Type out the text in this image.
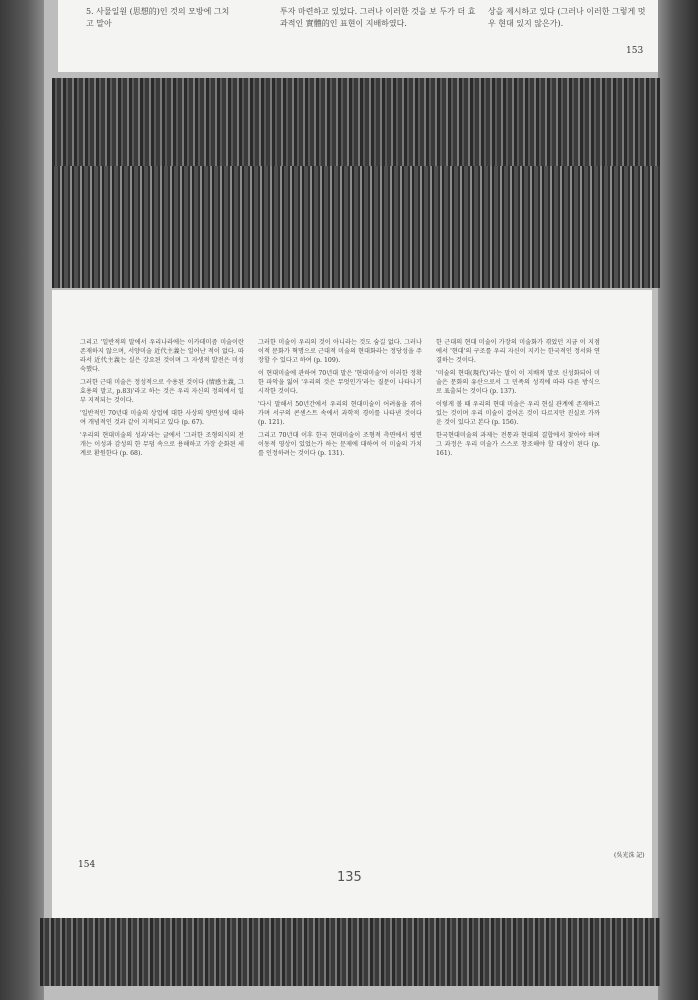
5. 사물일원 (思想的)인 것의 모방에 그치고 말아
투자 마련하고 있었다. 그러나 이러한 것을 보 두가 더 효과적인 實體的인 표현이 지배하였다.
상을 제시하고 있다 (그러나 이러한 그렇게 멋 우 현대 있지 않은가).
153

그리고 '일반적의 말에서 우리나라에는 이카데미즘 미술이란 존재하지 않으며, 서양미술 近代主義는 일어난 적이 없다. 따라서 近代主義는 실은 강요된 것이며 그 자생적 발전은 미성숙했다.

그러한 근대 미술은 정성적으로 수용된 것이다 (情感主義, 그 효용의 말고, p.83)'라고 하는 것은 우리 자신의 정의에서 일부 지적되는 것이다.

'일반적인 70년대 미술의 상업에 대한 사상의 양면성에 대하여 개념적인 것과 같이 지적되고 있다 (p. 67).

'우리의 현대미술의 성과'라는 글에서 '그러한 조형의식의 전개는 이성과 감성의 한 무덤 속으로 용해하고 가장 순화된 세계로 환원한다 (p. 68).

그러한 미술이 우리의 것이 아니라는 것도 숨길 없다. 그러나 이적 문화가 혁명으로 근대적 미술의 현대화라는 정당성을 주장할 수 있다고 하여 (p. 109).

이 현대미술에 관하여 70년대 말은 '현대미술'이 이러한 정확한 파악을 잃어 '우리의 것은 무엇인가'라는 질문이 나타나기 시작한 것이다.

'다시 말해서 50년간에서 우리의 현대미술이 어려움을 겪어가며 서구의 콘센스트 속에서 과학적 경이를 나타낸 것이다 (p. 121).

그리고 70년대 이후 한국 현대미술이 조형적 측면에서 평면 이동적 영상이 있었는가 하는 문제에 대하여 이 미술의 가치를 인정하려는 것이다 (p. 131).

한 근대의 현대 미술이 가장의 미술화가 겪었던 지금 이 지점에서 '현대'의 구조를 우리 자신이 지키는 한국적인 정서와 연결하는 것이다.

'미술의 현대(現代)'라는 말이 이 지배적 말로 신성화되어 미술은 문화의 유산으로서 그 민족의 성격에 따라 다른 방식으로 표출되는 것이다 (p. 137).

이렇게 볼 때 우리의 현대 미술은 우리 현실 관계에 존재하고 있는 것이며 우리 미술이 걸어온 것이 다르지만 진실로 가까운 것이 있다고 본다 (p. 156).

한국현대미술의 과제는 전통과 현대의 결합에서 찾아야 하며 그 과정은 우리 미술가 스스로 창조해야 할 대상이 된다 (p. 161).

(吳光洙 記)
154
135
